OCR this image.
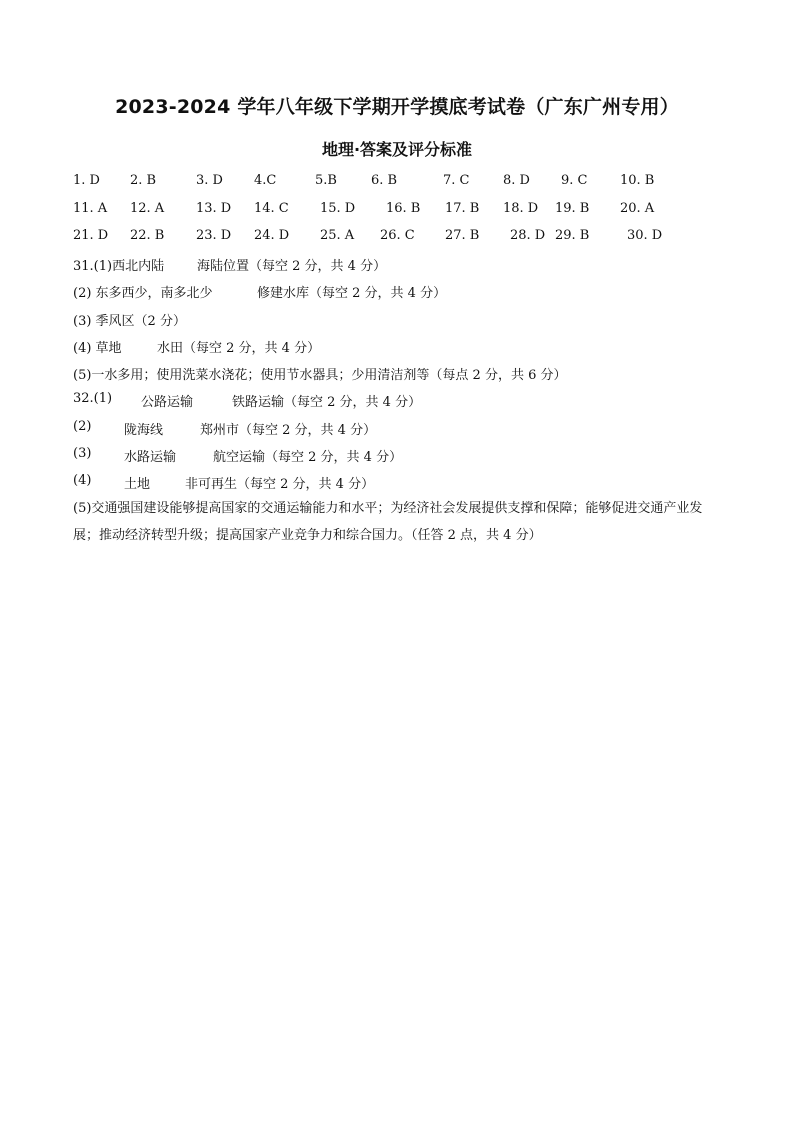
2023-2024 学年八年级下学期开学摸底考试卷（广东广州专用）
地理·答案及评分标准
1. D 2. B	3. D 4.C	5.B	6. B	7. C	8. D 9. C	10. B
11. A 12. A 13. D 14. C 15. D 16. B 17. B 18. D 19. B 20. A
21. D 22. B 23. D 24. D 25. A 26. C 27. B 28. D 29. B	30. D
31.(1)西北内陆	海陆位置（每空 2 分，共 4 分）
(2) 东多西少，南多北少	修建水库（每空 2 分，共 4 分）
(3) 季风区（2 分）
(4) 草地	水田（每空 2 分，共 4 分）
(5)一水多用；使用洗菜水浇花；使用节水器具；少用清洁剂等（每点 2 分，共 6 分）
32.(1) 公路运输	铁路运输（每空 2 分，共 4 分）
(2)	陇海线	郑州市（每空 2 分，共 4 分）
(3)	水路运输	航空运输（每空 2 分，共 4 分）
(4)	土地	非可再生（每空 2 分，共 4 分）
(5)交通强国建设能够提高国家的交通运输能力和水平；为经济社会发展提供支撑和保障；能够促进交通产业发展；推动经济转型升级；提高国家产业竞争力和综合国力。（任答 2 点，共 4 分）
